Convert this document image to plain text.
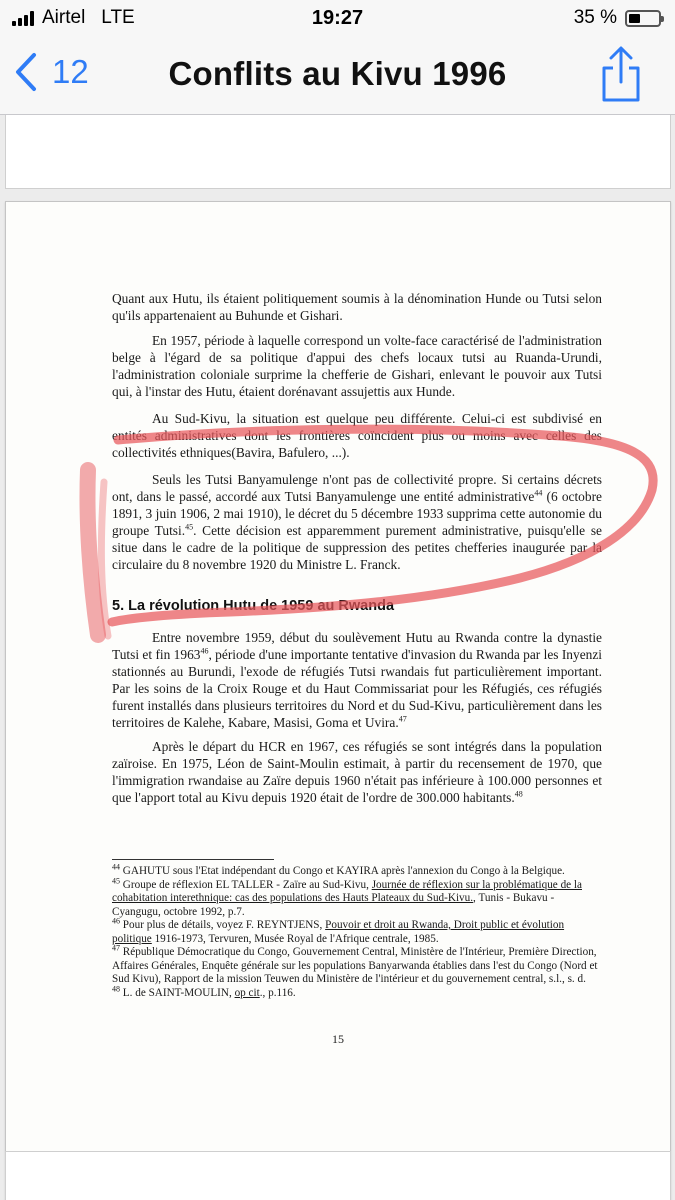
Airtel LTE	19:27	35 %
12	Conflits au Kivu 1996

Quant aux Hutu, ils étaient politiquement soumis à la dénomination Hunde ou Tutsi selon qu'ils appartenaient au Buhunde et Gishari.

En 1957, période à laquelle correspond un volte-face caractérisé de l'administration belge à l'égard de sa politique d'appui des chefs locaux tutsi au Ruanda-Urundi, l'administration coloniale surprime la chefferie de Gishari, enlevant le pouvoir aux Tutsi qui, à l'instar des Hutu, étaient dorénavant assujettis aux Hunde.

Au Sud-Kivu, la situation est quelque peu différente. Celui-ci est subdivisé en entités administratives dont les frontières coïncident plus ou moins avec celles des collectivités ethniques(Bavira, Bafulero, ...).

Seuls les Tutsi Banyamulenge n'ont pas de collectivité propre. Si certains décrets ont, dans le passé, accordé aux Tutsi Banyamulenge une entité administrative$^{44}$ (6 octobre 1891, 3 juin 1906, 2 mai 1910), le décret du 5 décembre 1933 supprima cette autonomie du groupe Tutsi.$^{45}$. Cette décision est apparemment purement administrative, puisqu'elle se situe dans le cadre de la politique de suppression des petites chefferies inaugurée par la circulaire du 8 novembre 1920 du Ministre L. Franck.

5. La révolution Hutu de 1959 au Rwanda

Entre novembre 1959, début du soulèvement Hutu au Rwanda contre la dynastie Tutsi et fin 1963$^{46}$, période d'une importante tentative d'invasion du Rwanda par les Inyenzi stationnés au Burundi, l'exode de réfugiés Tutsi rwandais fut particulièrement important. Par les soins de la Croix Rouge et du Haut Commissariat pour les Réfugiés, ces réfugiés furent installés dans plusieurs territoires du Nord et du Sud-Kivu, particulièrement dans les territoires de Kalehe, Kabare, Masisi, Goma et Uvira.$^{47}$

Après le départ du HCR en 1967, ces réfugiés se sont intégrés dans la population zaïroise. En 1975, Léon de Saint-Moulin estimait, à partir du recensement de 1970, que l'immigration rwandaise au Zaïre depuis 1960 n'était pas inférieure à 100.000 personnes et que l'apport total au Kivu depuis 1920 était de l'ordre de 300.000 habitants.$^{48}$

$^{44}$ GAHUTU sous l'Etat indépendant du Congo et KAYIRA après l'annexion du Congo à la Belgique.

$^{45}$ Groupe de réflexion EL TALLER - Zaïre au Sud-Kivu, Journée de réflexion sur la problématique de la cohabitation interethnique: cas des populations des Hauts Plateaux du Sud-Kivu., Tunis - Bukavu - Cyangugu, octobre 1992, p.7.

$^{46}$ Pour plus de détails, voyez F. REYNTJENS, Pouvoir et droit au Rwanda, Droit public et évolution politique 1916-1973, Tervuren, Musée Royal de l'Afrique centrale, 1985.

$^{47}$ République Démocratique du Congo, Gouvernement Central, Ministère de l'Intérieur, Première Direction, Affaires Générales, Enquête générale sur les populations Banyarwanda établies dans l'est du Congo (Nord et Sud Kivu), Rapport de la mission Teuwen du Ministère de l'intérieur et du gouvernement central, s.l., s. d.

$^{48}$ L. de SAINT-MOULIN, op cit., p.116.

15
